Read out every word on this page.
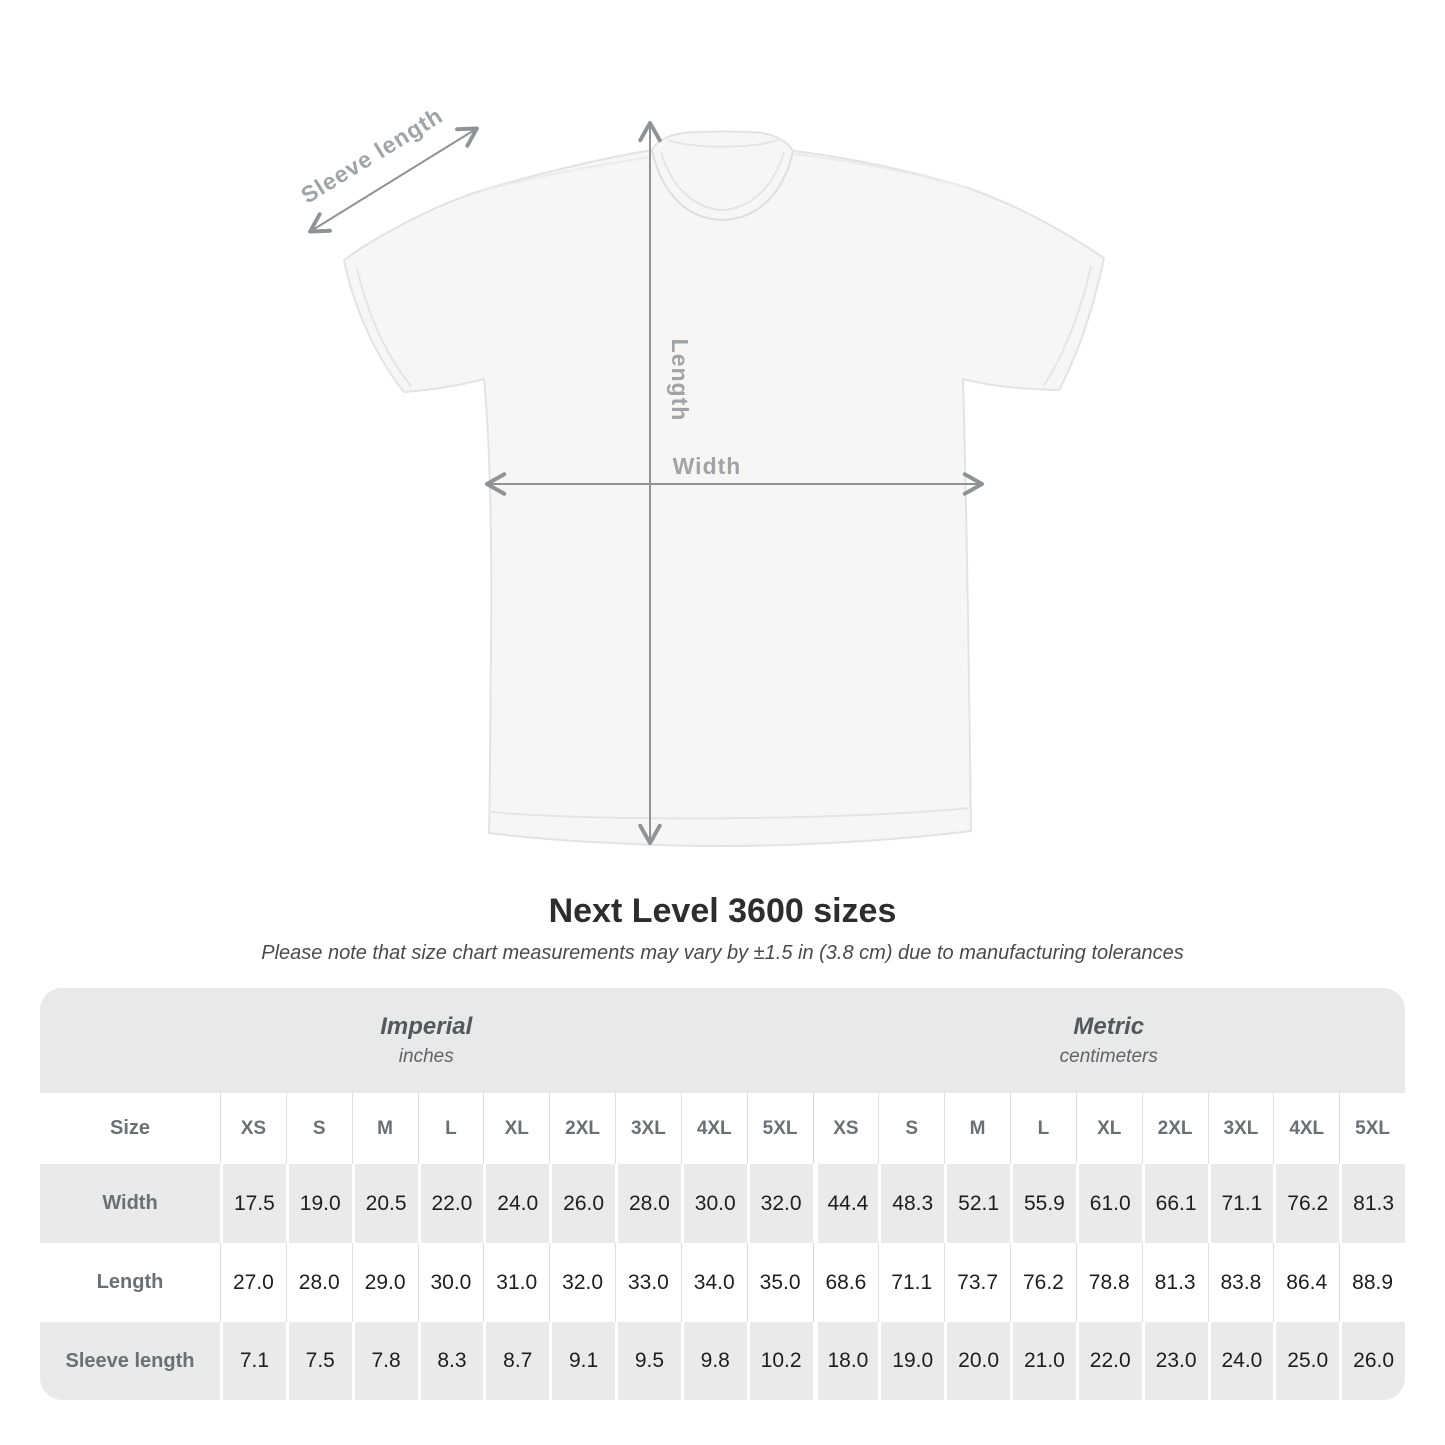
Width
Length
Sleeve length
Next Level 3600 sizes
Please note that size chart measurements may vary by ±1.5 in (3.8 cm) due to manufacturing tolerances
Imperial
inches
Metric
centimeters
Size	XS	S	M	L	XL	2XL	3XL	4XL	5XL	XS	S	M	L	XL	2XL	3XL	4XL	5XL
Width	17.5	19.0	20.5	22.0	24.0	26.0	28.0	30.0	32.0	44.4	48.3	52.1	55.9	61.0	66.1	71.1	76.2	81.3
Length	27.0	28.0	29.0	30.0	31.0	32.0	33.0	34.0	35.0	68.6	71.1	73.7	76.2	78.8	81.3	83.8	86.4	88.9
Sleeve length	7.1	7.5	7.8	8.3	8.7	9.1	9.5	9.8	10.2	18.0	19.0	20.0	21.0	22.0	23.0	24.0	25.0	26.0
